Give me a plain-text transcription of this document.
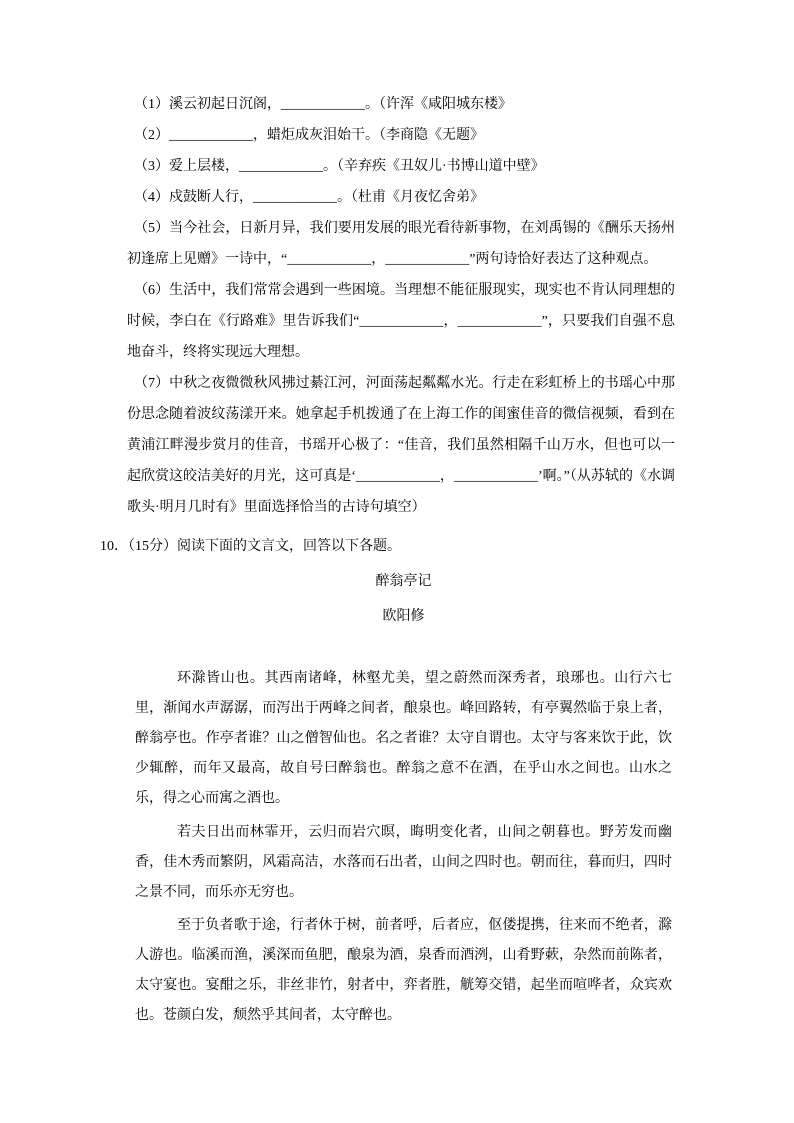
（1）溪云初起日沉阁，____________。（许浑《咸阳城东楼》

（2）____________，蜡炬成灰泪始干。（李商隐《无题》

（3）爱上层楼，____________。（辛弃疾《丑奴儿·书博山道中壁》

（4）戍鼓断人行，____________。（杜甫《月夜忆舍弟》

（5）当今社会，日新月异，我们要用发展的眼光看待新事物，在刘禹锡的《酬乐天扬州初逢席上见赠》一诗中，“____________，____________”两句诗恰好表达了这种观点。

（6）生活中，我们常常会遇到一些困境。当理想不能征服现实，现实也不肯认同理想的时候，李白在《行路难》里告诉我们“____________，____________”，只要我们自强不息地奋斗，终将实现远大理想。

（7）中秋之夜微微秋风拂过綦江河，河面荡起粼粼水光。行走在彩虹桥上的书瑶心中那份思念随着波纹荡漾开来。她拿起手机拨通了在上海工作的闺蜜佳音的微信视频，看到在黄浦江畔漫步赏月的佳音，书瑶开心极了：“佳音，我们虽然相隔千山万水，但也可以一起欣赏这皎洁美好的月光，这可真是‘____________，____________’啊。”（从苏轼的《水调歌头·明月几时有》里面选择恰当的古诗句填空）

10．（15分）阅读下面的文言文，回答以下各题。

醉翁亭记

欧阳修

环滁皆山也。其西南诸峰，林壑尤美，望之蔚然而深秀者，琅琊也。山行六七里，渐闻水声潺潺，而泻出于两峰之间者，酿泉也。峰回路转，有亭翼然临于泉上者，醉翁亭也。作亭者谁？山之僧智仙也。名之者谁？太守自谓也。太守与客来饮于此，饮少辄醉，而年又最高，故自号曰醉翁也。醉翁之意不在酒，在乎山水之间也。山水之乐，得之心而寓之酒也。

若夫日出而林霏开，云归而岩穴暝，晦明变化者，山间之朝暮也。野芳发而幽香，佳木秀而繁阴，风霜高洁，水落而石出者，山间之四时也。朝而往，暮而归，四时之景不同，而乐亦无穷也。

至于负者歌于途，行者休于树，前者呼，后者应，伛偻提携，往来而不绝者，滁人游也。临溪而渔，溪深而鱼肥，酿泉为酒，泉香而酒洌，山肴野蔌，杂然而前陈者，太守宴也。宴酣之乐，非丝非竹，射者中，弈者胜，觥筹交错，起坐而喧哗者，众宾欢也。苍颜白发，颓然乎其间者，太守醉也。
